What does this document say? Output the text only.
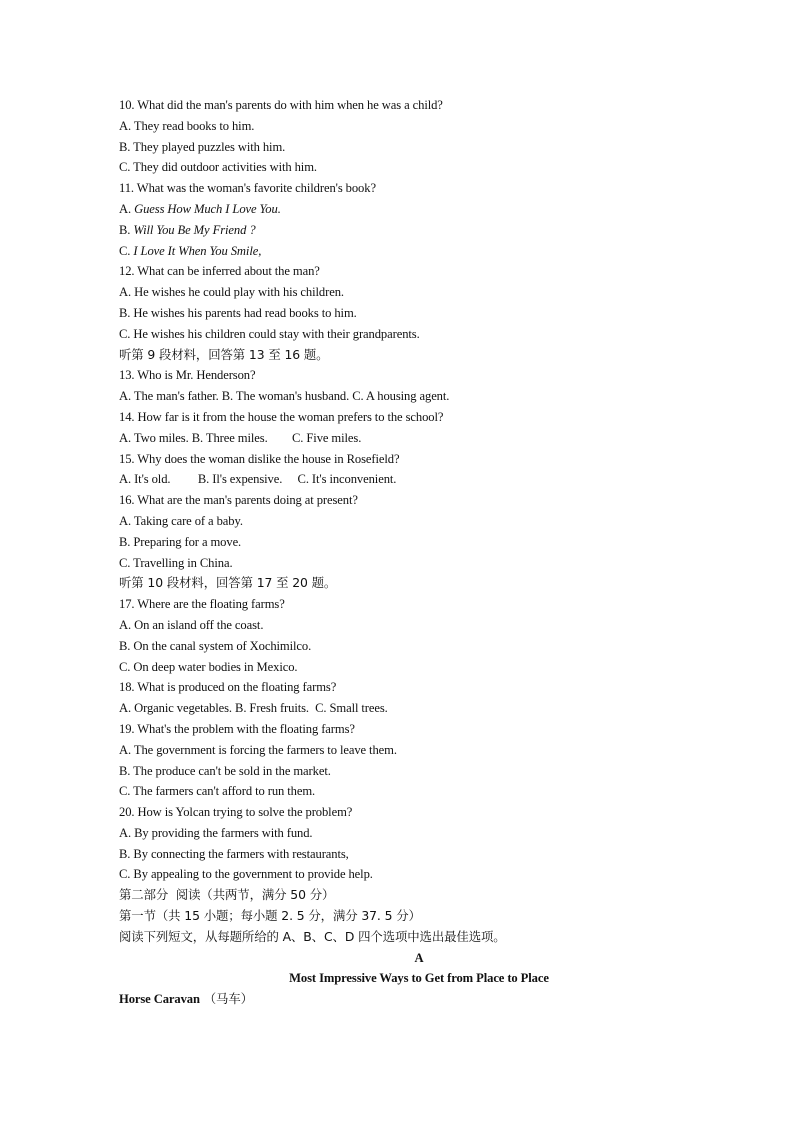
10. What did the man's parents do with him when he was a child?
A. They read books to him.
B. They played puzzles with him.
C. They did outdoor activities with him.
11. What was the woman's favorite children's book?
A. Guess How Much I Love You.
B. Will You Be My Friend ?
C. I Love It When You Smile,
12. What can be inferred about the man?
A. He wishes he could play with his children.
B. He wishes his parents had read books to him.
C. He wishes his children could stay with their grandparents.
听第 9 段材料，回答第 13 至 16 题。
13. Who is Mr. Henderson?
A. The man's father. B. The woman's husband. C. A housing agent.
14. How far is it from the house the woman prefers to the school?
A. Two miles. B. Three miles.        C. Five miles.
15. Why does the woman dislike the house in Rosefield?
A. It's old.         B. Il's expensive.     C. It's inconvenient.
16. What are the man's parents doing at present?
A. Taking care of a baby.
B. Preparing for a move.
C. Travelling in China.
听第 10 段材料，回答第 17 至 20 题。
17. Where are the floating farms?
A. On an island off the coast.
B. On the canal system of Xochimilco.
C. On deep water bodies in Mexico.
18. What is produced on the floating farms?
A. Organic vegetables. B. Fresh fruits.  C. Small trees.
19. What's the problem with the floating farms?
A. The government is forcing the farmers to leave them.
B. The produce can't be sold in the market.
C. The farmers can't afford to run them.
20. How is Yolcan trying to solve the problem?
A. By providing the farmers with fund.
B. By connecting the farmers with restaurants,
C. By appealing to the government to provide help.
第二部分  阅读（共两节，满分 50 分）
第一节（共 15 小题；每小题 2. 5 分，满分 37. 5 分）
阅读下列短文，从每题所给的 A、B、C、D 四个选项中选出最佳选项。
A
Most Impressive Ways to Get from Place to Place
Horse Caravan （马车）
